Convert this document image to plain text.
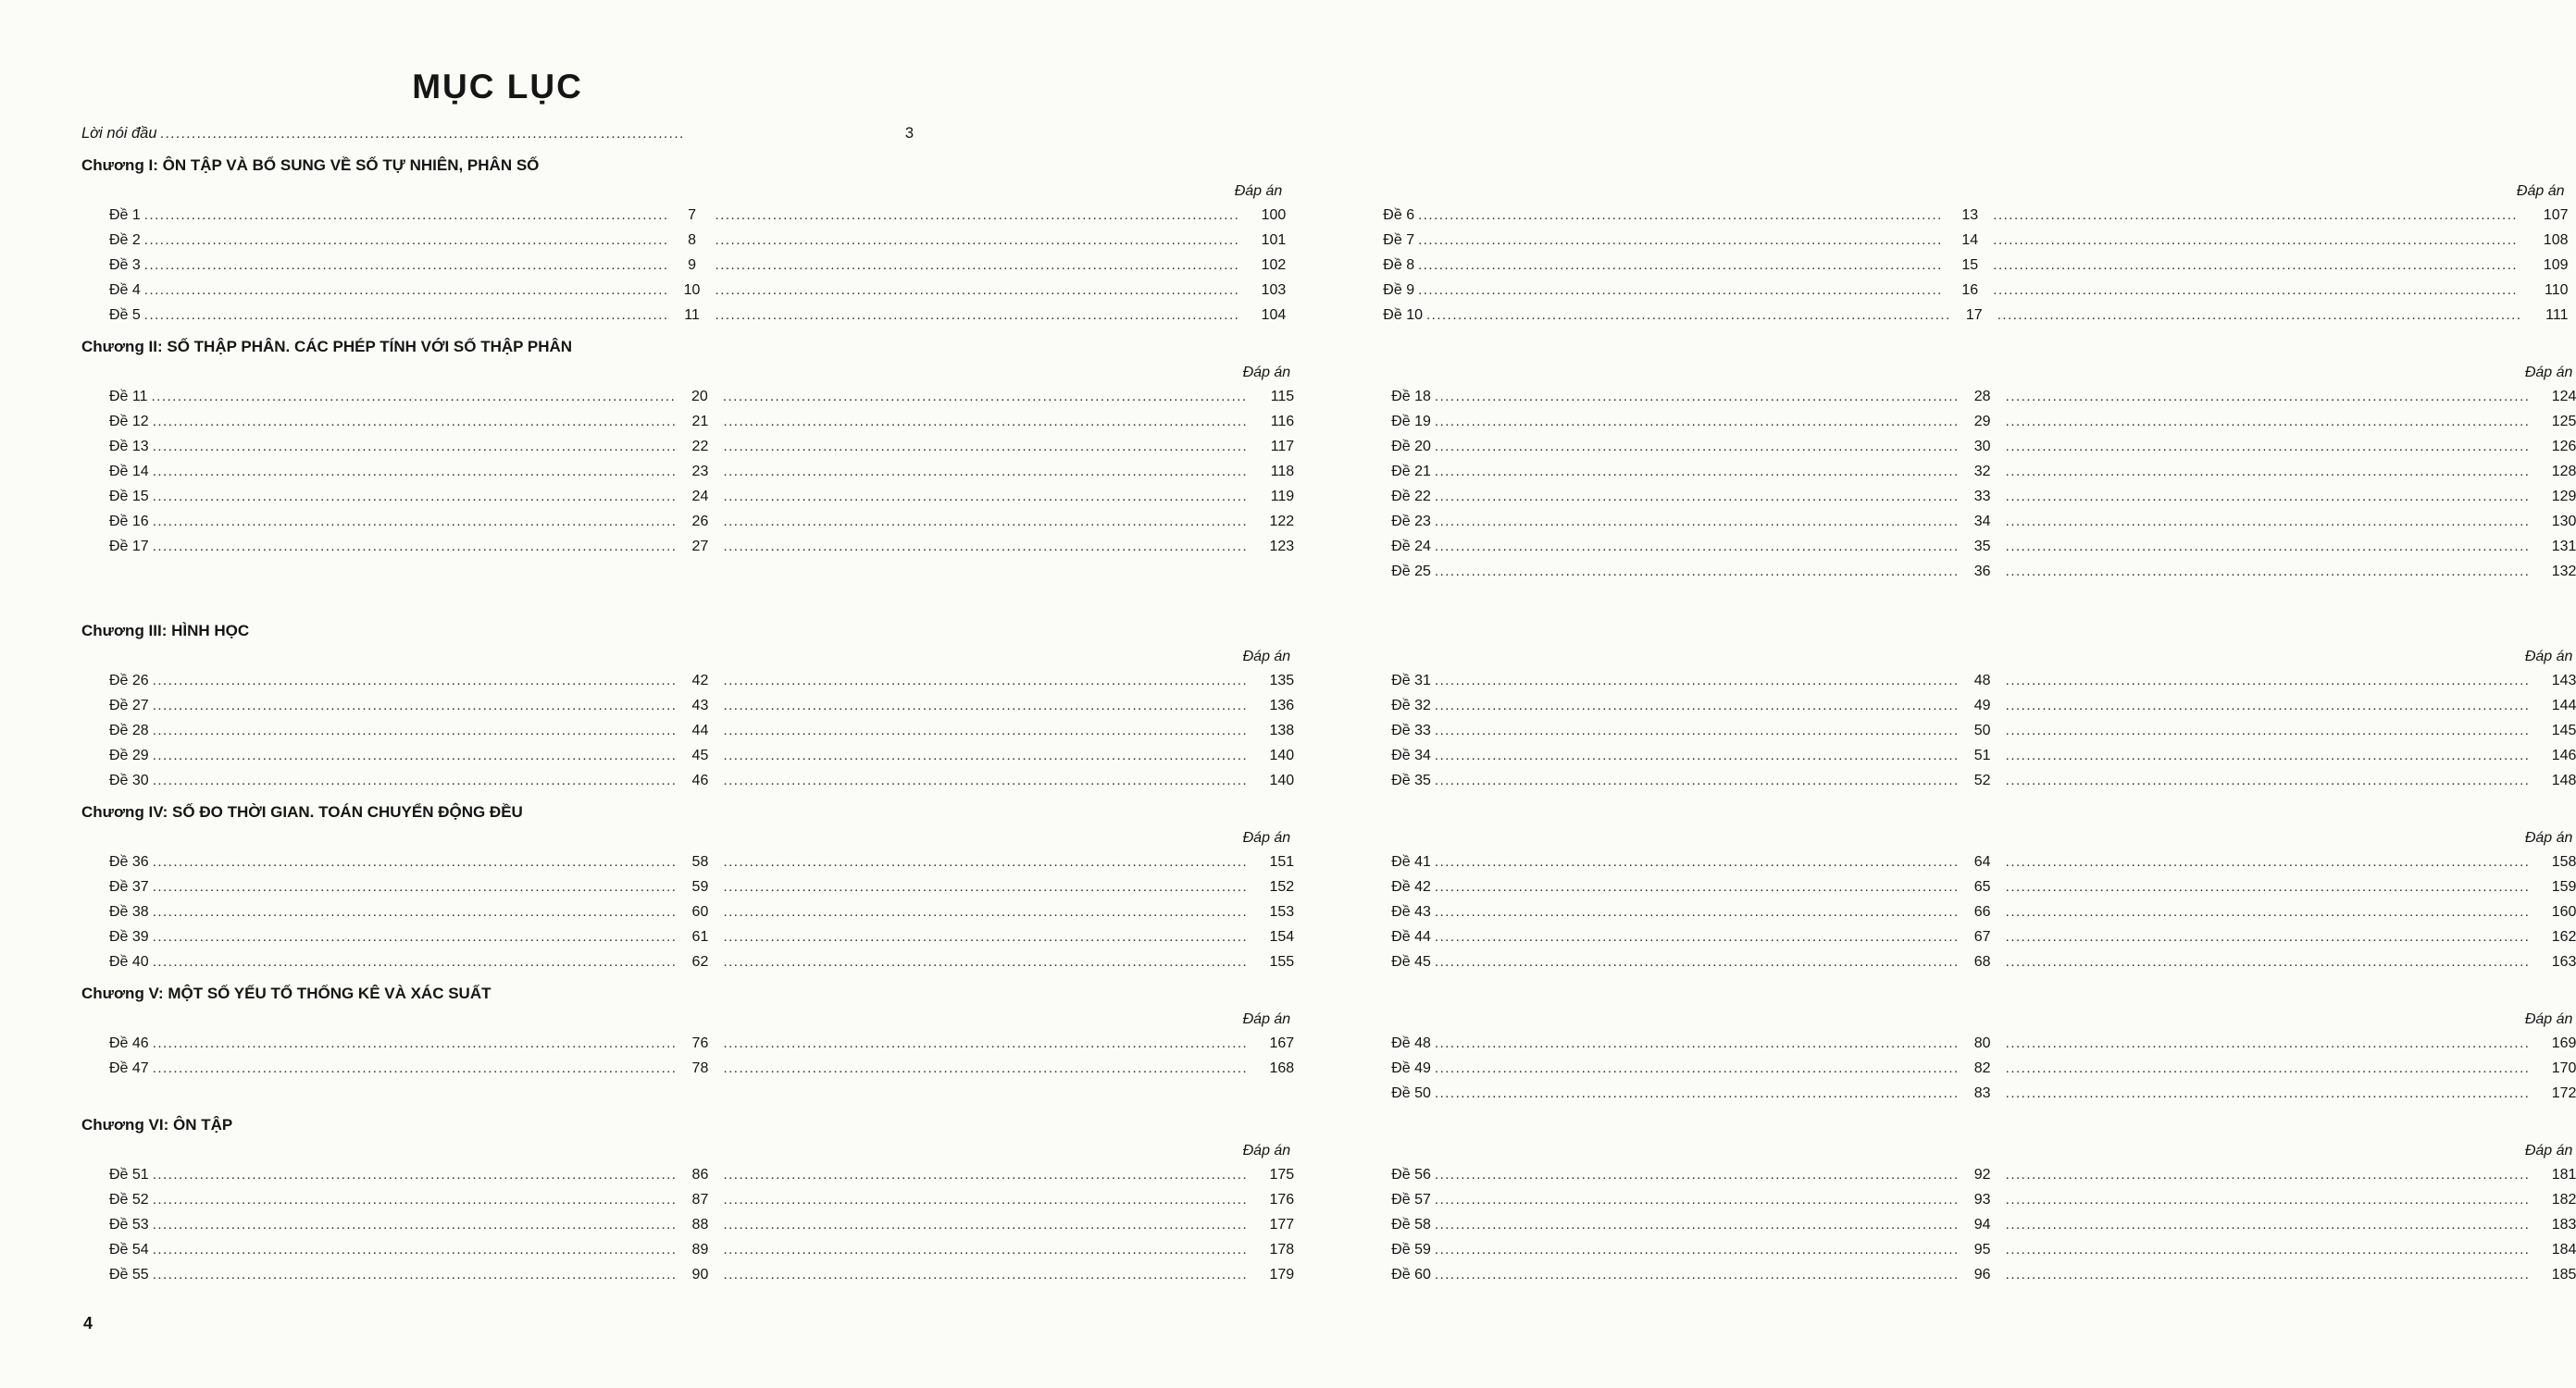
MỤC LỤC
Lời nói đầu .....	3
Chương I: ÔN TẬP VÀ BỔ SUNG VỀ SỐ TỰ NHIÊN, PHÂN SỐ
Đáp án
Đề 1 .....	7 .....	100
Đề 2 .....	8 .....	101
Đề 3 .....	9 .....	102
Đề 4 .....	10 .....	103
Đề 5 .....	11 .....	104
Đáp án
Đề 6 .....	13 .....	107
Đề 7 .....	14 .....	108
Đề 8 .....	15 .....	109
Đề 9 .....	16 .....	110
Đề 10 .....	17 .....	111
Chương II: SỐ THẬP PHÂN. CÁC PHÉP TÍNH VỚI SỐ THẬP PHÂN
Đáp án
Đề 11 .....	20 .....	115
Đề 12 .....	21 .....	116
Đề 13 .....	22 .....	117
Đề 14 .....	23 .....	118
Đề 15 .....	24 .....	119
Đề 16 .....	26 .....	122
Đề 17 .....	27 .....	123
Đáp án
Đề 18 .....	28 .....	124
Đề 19 .....	29 .....	125
Đề 20 .....	30 .....	126
Đề 21 .....	32 .....	128
Đề 22 .....	33 .....	129
Đề 23 .....	34 .....	130
Đề 24 .....	35 .....	131
Đề 25 .....	36 .....	132
Chương III: HÌNH HỌC
Đáp án
Đề 26 .....	42 .....	135
Đề 27 .....	43 .....	136
Đề 28 .....	44 .....	138
Đề 29 .....	45 .....	140
Đề 30 .....	46 .....	140
Đáp án
Đề 31 .....	48 .....	143
Đề 32 .....	49 .....	144
Đề 33 .....	50 .....	145
Đề 34 .....	51 .....	146
Đề 35 .....	52 .....	148
Chương IV: SỐ ĐO THỜI GIAN. TOÁN CHUYỂN ĐỘNG ĐỀU
Đáp án
Đề 36 .....	58 .....	151
Đề 37 .....	59 .....	152
Đề 38 .....	60 .....	153
Đề 39 .....	61 .....	154
Đề 40 .....	62 .....	155
Đáp án
Đề 41 .....	64 .....	158
Đề 42 .....	65 .....	159
Đề 43 .....	66 .....	160
Đề 44 .....	67 .....	162
Đề 45 .....	68 .....	163
Chương V: MỘT SỐ YẾU TỐ THỐNG KÊ VÀ XÁC SUẤT
Đáp án
Đề 46 .....	76 .....	167
Đề 47 .....	78 .....	168
Đáp án
Đề 48 .....	80 .....	169
Đề 49 .....	82 .....	170
Đề 50 .....	83 .....	172
Chương VI: ÔN TẬP
Đáp án
Đề 51 .....	86 .....	175
Đề 52 .....	87 .....	176
Đề 53 .....	88 .....	177
Đề 54 .....	89 .....	178
Đề 55 .....	90 .....	179
Đáp án
Đề 56 .....	92 .....	181
Đề 57 .....	93 .....	182
Đề 58 .....	94 .....	183
Đề 59 .....	95 .....	184
Đề 60 .....	96 .....	185
4
